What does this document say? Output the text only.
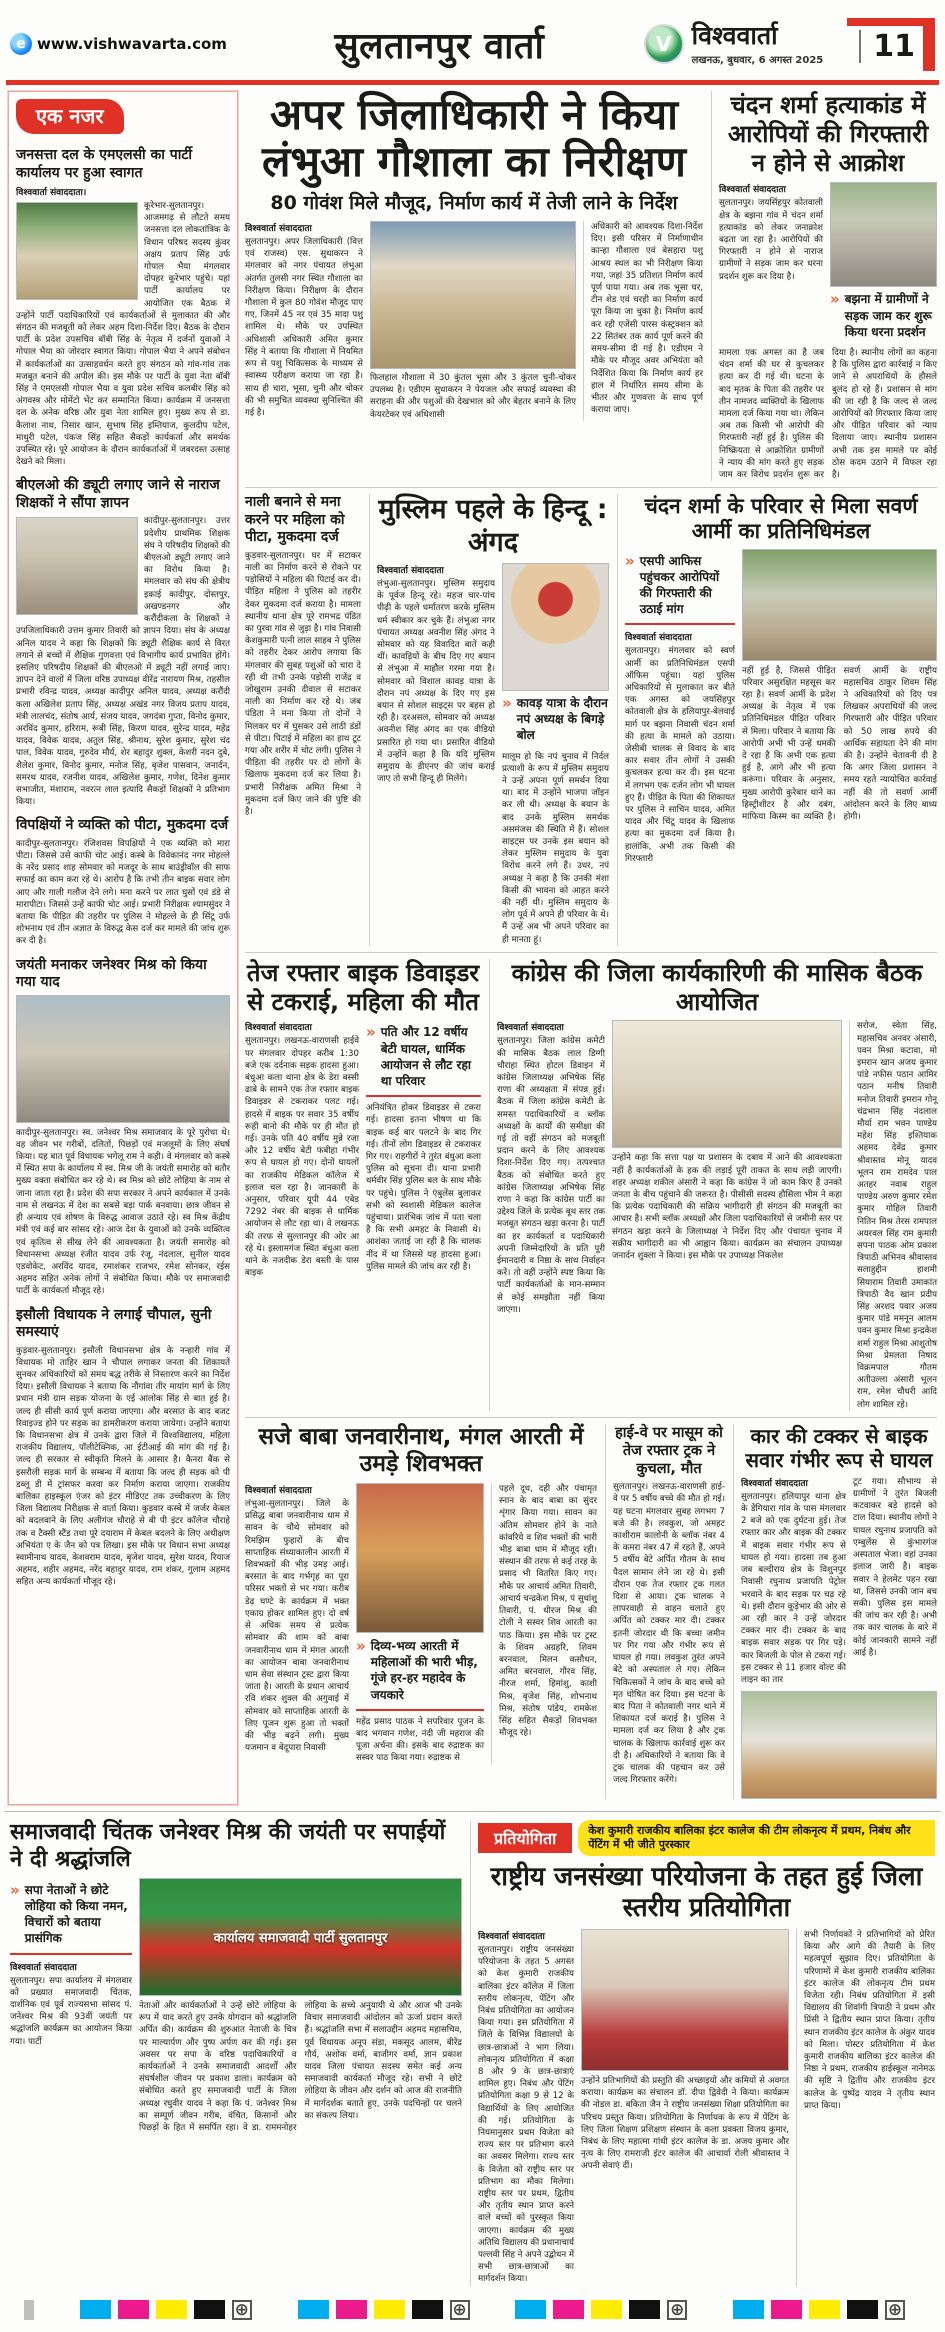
e www.vishwavarta.com	सुलतानपुर वार्ता	V विश्ववार्ता
लखनऊ, बुधवार, 6 अगस्त 2025	11
एक नजर
जनसत्ता दल के एमएलसी का पार्टी कार्यालय पर हुआ स्वागत
विश्ववार्ता संवाददाता।
कूरेभार-सुलतानपुर। आजमगढ़ से लौटते समय जनसत्ता दल लोकतांत्रिक के विधान परिषद सदस्य कुंवर अक्षय प्रताप सिंह उर्फ गोपाल भैया मंगलवार दोपहर कूरेभार पहुंचे। यहां पार्टी कार्यालय पर आयोजित एक बैठक में उन्होंने पार्टी पदाधिकारियों एवं कार्यकर्ताओं से मुलाकात की और संगठन की मजबूती को लेकर अहम दिशा-निर्देश दिए। बैठक के दौरान पार्टी के प्रदेश उपसचिव बॉबी सिंह के नेतृत्व में दर्जनों युवाओं ने गोपाल भैया का जोरदार स्वागत किया। गोपाल भैया ने अपने संबोधन में कार्यकर्ताओं का उत्साहवर्धन करते हुए संगठन को गांव-गांव तक मजबूत बनाने की अपील की। इस मौके पर पार्टी के युवा नेता बॉबी सिंह ने एमएलसी गोपाल भैया व युवा प्रदेश सचिव कलबीर सिंह को अंगवस्त्र और मोमेंटो भेंट कर सम्मानित किया। कार्यक्रम में जनसत्ता दल के अनेक वरिष्ठ और युवा नेता शामिल हुए। मुख्य रूप से डा. कैलाश नाथ, निसार खान, सुभाष सिंह इम्तियाज, कुलदीप पटेल, माधुरी पटेल, पंकज सिंह सहित सैकड़ों कार्यकर्ता और समर्थक उपस्थित रहे। पूरे आयोजन के दौरान कार्यकर्ताओं में जबरदस्त उत्साह देखने को मिला।
बीएलओ की ड्यूटी लगाए जाने से नाराज शिक्षकों ने सौंपा ज्ञापन
कादीपुर-सुलतानपुर। उत्तर प्रदेशीय प्राथमिक शिक्षक संघ ने परिषदीय शिक्षकों की बीएलओ ड्यूटी लगाए जाने का विरोध किया है। मंगलवार को संघ की क्षेत्रीय इकाई कादीपुर, दोस्तपुर, अखण्डनगर और करौंदीकला के शिक्षकों ने उपजिलाधिकारी उत्तम कुमार तिवारी को ज्ञापन दिया। संघ के अध्यक्ष अनिल यादव ने कहा कि शिक्षकों कि ड्यूटी शैक्षिक कार्य से विरत लगाने से बच्चों में शैक्षिक गुणवत्ता एवं विभागीय कार्य प्रभावित होंगे। इसलिए परिषदीय शिक्षकों की बीएलओ में ड्यूटी नहीं लगाई जाए। ज्ञापन देने वालों में जिला वरिष्ठ उपाध्यक्ष वीरेंद्र नारायण मिश्र, तहसील प्रभारी रविन्द्र यादव, अध्यक्ष कादीपुर अनिल यादव, अध्यक्ष करौंदी कला अखिलेश प्रताप सिंह, अध्यक्ष अखंड नगर विजय प्रताप यादव, मंत्री लालचंद, संतोष आर्य, संजय यादव, जगदंबा गुप्ता, विनोद कुमार, अरविंद कुमार, हरिराम, रूबी सिंह, किरण यादव, सुरेन्द्र यादव, महेंद्र यादव, विवेक यादव, अतुल सिंह, श्रीनाथ, सुरेश कुमार, सुरेश चंद पाल, विवेक यादव, गुरुदेव मौर्य, शेर बहादुर शुक्ल, केशरी नदन दुबे, शैलेश कुमार, विनोद कुमार, मनोज सिंह, बृजेश पासवान, जनार्दन, समरथ यादव, रजनीश यादव, अखिलेश कुमार, गणेश, दिनेश कुमार सभाजीत, मंशाराम, नवरत्न लाल इत्यादि सैकड़ों शिक्षकों ने प्रतिभाग किया।
विपक्षियों ने व्यक्ति को पीटा, मुकदमा दर्ज
कादीपुर-सुलतानपुर। रंजिशवस विपक्षियों ने एक व्यक्ति को मारा पीटा। जिससे उसे काफी चोट आई। कस्बे के विवेकानंद नगर मोहल्ले के नरेंद प्रसाद शाह सोमवार को मजदूर के साथ बाउंड्रीवॉल की साफ सफाई का काम करा रहे थे। आरोप है कि तभी तीन बाइक सवार लोग आए और गाली गलौज देने लगे। मना करने पर लात घुसों एवं डंडे से मारापीटा। जिससे उन्हें काफी चोट आई। प्रभारी निरीक्षक श्यामसुंदर ने बताया कि पीड़ित की तहरीर पर पुलिस ने मोहल्ले के ही सिंटू उर्फ शोभनाथ एवं तीन अज्ञात के विरुद्ध केस दर्ज कर मामले की जांच शुरू कर दी है।
जयंती मनाकर जनेश्वर मिश्र को किया गया याद
कादीपुर-सुलतानपुर। स्व. जनेश्वर मिश्र समाजवाद के पूरे पुरोधा थे। वह जीवन भर गरीबों, दलितों, पिछड़ों एवं मजलूमों के लिए संघर्ष किया। यह बात पूर्व विधायक भगेलू राम ने कही। वे मंगलवार को कस्बे में स्थित सपा के कार्यालय में स्व. मिश्र जी के जयंती समारोह को बतौर मुख्य वक्ता संबोधित कर रहे थे। स्व मिश्र को छोटे लोहिया के नाम से जाना जाता रहा है। प्रदेश की सपा सरकार ने अपने कार्यकाल में उनके नाम से लखनऊ में देश का सबसे बड़ा पार्क बनवाया। छात्र जीवन से ही अन्याय एवं शोषण के विरुद्ध आवाज उठाते रहे। स्व मिश्र केंद्रीय मंत्री एवं कई बार सांसद रहे। आज देश के युवाओं को उनके व्यक्तित्व एवं कृतित्व से सीख लेने की आवश्यकता है। जयंती समारोह को विधानसभा अध्यक्ष रंजीत यादव उर्फ रंजू, नंदलाल, सुनील यादव एडवोकेट, अरविंद यादव, रमाशंकर राजभर, रमेश सोनकर, रईस अहमद सहित अनेक लोगों ने संबोधित किया। मौके पर समाजवादी पार्टी के कार्यकर्ता मौजूद रहे।
इसौली विधायक ने लगाई चौपाल, सुनी समस्याएं
कुड़वार-सुलतानपुर। इसौली विधानसभा क्षेत्र के नन्हारी गांव में विधायक मो ताहिर खान ने चौपाल लगाकर जनता की शिकायतें सुनकर अधिकारियों को समय बद्ध तरीके से निस्तारण करने का निर्देश दिया। इसौली विधायक ने बताया कि नौगांवा तीर मायांग मार्ग के लिए प्रधान मंत्री ग्राम सड़क योजना के एई आलोक सिंह से बात हुई है। जल्द ही सीसी कार्य पूर्ण कराया जाएगा। और बरसात के बाद बजट रिवाइज्ड होने पर सड़क का डामरीकरण कराया जायेगा। उन्होंने बताया कि विधानसभा क्षेत्र में उनके द्वारा जिले में विश्वविद्यालय, महिला राजकीय विद्यालय, पॉलीटेक्निक, आ ईटीआई की मांग की गई है। जल्द ही सरकार से स्वीकृति मिलने के आसार है। कैनरा बैंक से इसरौली सड़क मार्ग के सम्बन्ध में बताया कि जल्द ही सड़क को पी डब्लू डी में ट्रांसफर करवा कर निर्माण कराया जाएगा। राजकीय बालिका हाइस्कूल एंजर को इंटर मीडिएट तक उच्चीकरण के लिए जिला विद्यालय निरीक्षक से वार्ता किया। कुड़वार कस्बे में जर्जर केबल को बदलवाने के लिए अलीगंज चौराहे से बी पी इंटर कॉलेज चौराहे तक व टैक्सी स्टैंड तथा पूरे दयाराम में केबल बदलने के लिए अधीक्षण अभियंता ए के जैन को पत्र लिखा। इस मौके पर विधान सभा अध्यक्ष स्वामीनाथ यादव, केशवराम यादव, बृजेश यादव, सुरेश यादव, रियाज अहमद, शहीर अहमद, नरेंद बहादुर यादव, राम शंकर, गुलाम अहमद सहित अन्य कार्यकर्ता मौजूद रहे।
अपर जिलाधिकारी ने किया लंभुआ गौशाला का निरीक्षण
80 गोवंश मिले मौजूद, निर्माण कार्य में तेजी लाने के निर्देश
विश्ववार्ता संवाददाता
सुलतानपुर। अपर जिलाधिकारी (वित्त एवं राजस्व) एस. सुधाकरन ने मंगलवार को नगर पंचायत लंभुआ अंतर्गत तुलसी नगर स्थित गौशाला का निरीक्षण किया। निरीक्षण के दौरान गौशाला में कुल 80 गोवंश मौजूद पाए गए, जिनमें 45 नर एवं 35 मादा पशु शामिल थे। मौके पर उपस्थित अधिशासी अधिकारी अमित कुमार सिंह ने बताया कि गौशाला में नियमित रूप से पशु चिकित्सक के माध्यम से स्वास्थ्य परीक्षण कराया जा रहा है। साथ ही चारा, भूसा, चुनी और चोकर की भी समुचित व्यवस्था सुनिश्चित की गई है।
फिलहाल गौशाला में 30 कुंतल भूसा और 3 कुंतल चुनी-चोकर उपलब्ध है। एडीएम सुधाकरन ने पेयजल और सफाई व्यवस्था की सराहना की और पशुओं की देखभाल को और बेहतर बनाने के लिए केयरटेकर एवं अधिशासी
अधिकारी को आवश्यक दिशा-निर्देश दिए। इसी परिसर में निर्माणाधीन कान्हा गौशाला एवं बेसहारा पशु आश्रय स्थल का भी निरीक्षण किया गया, जहां 35 प्रतिशत निर्माण कार्य पूर्ण पाया गया। अब तक भूसा घर, टीन शेड एवं चरही का निर्माण कार्य पूरा किया जा चुका है। निर्माण कार्य कर रही एजेंसी पारस कंस्ट्रक्शन को 22 सितंबर तक कार्य पूर्ण करने की समय-सीमा दी गई है। एडीएम ने मौके पर मौजूद अवर अभियंता को निर्देशित किया कि निर्माण कार्य हर हाल में निर्धारित समय सीमा के भीतर और गुणवत्ता के साथ पूर्ण कराया जाए।
चंदन शर्मा हत्याकांड में आरोपियों की गिरफ्तारी न होने से आक्रोश
विश्ववार्ता संवाददाता
सुलतानपुर। जयसिंहपुर कोतवाली क्षेत्र के बझना गांव में चंदन शर्मा हत्याकांड को लेकर जनाक्रोश बढ़ता जा रहा है। आरोपियों की गिरफ्तारी न होने से नाराज ग्रामीणों ने सड़क जाम कर धरना प्रदर्शन शुरू कर दिया है।
» बझना में ग्रामीणों ने सड़क जाम कर शुरू किया धरना प्रदर्शन
मामला एक अगस्त का है जब चंदन शर्मा की घर से कुचलकर हत्या कर दी गई थी। घटना के बाद मृतक के पिता की तहरीर पर तीन नामजद व्यक्तियों के खिलाफ मामला दर्ज किया गया था। लेकिन अब तक किसी भी आरोपी की गिरफ्तारी नहीं हुई है। पुलिस की निष्क्रियता से आक्रोशित ग्रामीणों ने न्याय की मांग करते हुए सड़क जाम कर विरोध प्रदर्शन शुरू कर दिया है। स्थानीय लोगों का कहना है कि पुलिस द्वारा कार्रवाई न किए जाने से अपराधियों के हौसले बुलंद हो रहे हैं। प्रशासन से मांग की जा रही है कि जल्द से जल्द आरोपियों को गिरफ्तार किया जाए और पीड़ित परिवार को न्याय दिलाया जाए। स्थानीय प्रशासन अभी तक इस मामले पर कोई ठोस कदम उठाने में विफल रहा है।
नाली बनाने से मना करने पर महिला को पीटा, मुकदमा दर्ज
कुड़वार-सुलतानपुर। घर में सटाकर नाली का निर्माण करने से रोकने पर पड़ोसियों ने महिला की पिटाई कर दी। पीड़ित महिला ने पुलिस को तहरीर देकर मुकदमा दर्ज कराया है। मामला स्थानीय थाना क्षेत्र पूरे रामभद्र पंडित का पुरवा गांव से जुड़ा है। गांव निवासी केशकुमारी पत्नी लाल साहब ने पुलिस को तहरीर देकर आरोप लगाया कि मंगलवार की सुबह पशुओं को चारा दे रही थी तभी उनके पड़ोसी राजेंद्र व जोखुराम उनकी दीवाल से सटाकर नाली का निर्माण कर रहे थे। जब पंडिता ने मना किया तो दोनों ने मिलकर घर में घुसकर उसे लाठी डंडों से पीटा। पिटाई में महिला का हाथ टूट गया और शरीर में चोट लगी। पुलिस ने पीड़िता की तहरीर पर दो लोगों के खिलाफ मुकदमा दर्ज कर लिया है। प्रभारी निरीक्षक अमित मिश्रा ने मुकदमा दर्ज किए जाने की पुष्टि की है।
मुस्लिम पहले के हिन्दू : अंगद
विश्ववार्ता संवाददाता
लंभुआ-सुलतानपुर। मुस्लिम समुदाय के पूर्वज हिन्दू रहे। महज चार-पांच पीढ़ी के पहले धर्मांतरण करके मुस्लिम धर्म स्वीकार कर चुके हैं। लंभुआ नगर पंचायत अध्यक्ष अवनीश सिंह अंगद ने सोमवार को यह विवादित बातें कही थीं। कावड़ियों के बीच दिए गए बयान से लंभुआ में माहौल गरमा गया है। सोमवार को विशाल कावड़ यात्रा के दौरान नपं अध्यक्ष के दिए गए इस बयान से सोशल साइट्स पर बहस हो रही है। दरअसल, सोमवार को अध्यक्ष अवनीश सिंह अंगद का एक वीडियो प्रसारित हो गया था। प्रसारित वीडियो में उन्होंने कहा है कि यदि मुस्लिम समुदाय के डीएनए की जांच कराई जाए तो सभी हिन्दू ही मिलेंगे।
» कावड़ यात्रा के दौरान नपं अध्यक्ष के बिगड़े बोल
मालूम हो कि नपं चुनाव में निर्दल प्रत्याशी के रूप में मुस्लिम समुदाय ने उन्हें अपना पूर्ण समर्थन दिया था। बाद में उन्होंने भाजपा जॉइन कर ली थी। अध्यक्ष के बयान के बाद उनके मुस्लिम समर्थक असमंजस की स्थिति में हैं। सोशल साइट्स पर उनके इस बयान को लेकर मुस्लिम समुदाय के युवा विरोध करने लगे हैं। उधर, नपं अध्यक्ष ने कहा है कि उनकी मंशा किसी की भावना को आहत करने की नहीं थी। मुस्लिम समुदाय के लोग पूर्व में अपने ही परिवार के थे। मैं उन्हें अब भी अपने परिवार का ही मानता हूं।
चंदन शर्मा के परिवार से मिला सवर्ण आर्मी का प्रतिनिधिमंडल
» एसपी आफिस पहुंचकर आरोपियों की गिरफ्तारी की उठाई मांग
विश्ववार्ता संवाददाता
सुलतानपुर। मंगलवार को स्वर्ण आर्मी का प्रतिनिधिमंडल एसपी ऑफिस पहुंचा। यहां पुलिस अधिकारियों से मुलाकात कर बीते एक अगस्त को जयसिंहपुर कोतवाली क्षेत्र के हलियापुर-बेलवाई मार्ग पर बझना निवासी चंदन शर्मा की हत्या के मामले को उठाया। जेसीबी चालक से विवाद के बाद कार सवार तीन लोगों ने उसकी कुचलकर हत्या कर दी। इस घटना में लगभग एक दर्जन लोग भी घायल हुए हैं। पीड़ित के पिता की शिकायत पर पुलिस ने साचिन यादव, अमित यादव और चिंटू यादव के खिलाफ हत्या का मुकदमा दर्ज किया है। हालांकि, अभी तक किसी की गिरफ्तारी
नहीं हुई है, जिससे पीड़ित परिवार असुरक्षित महसूस कर रहा है। सवर्ण आर्मी के प्रदेश अध्यक्ष के नेतृत्व में एक प्रतिनिधिमंडल पीड़ित परिवार से मिला। परिवार ने बताया कि आरोपी अभी भी उन्हें धमकी दे रहा है कि अभी एक हत्या हुई है, आगे और भी हत्या करूंगा। परिवार के अनुसार, मुख्य आरोपी कुरेबार थाने का हिस्ट्रीशीटर है और दबंग, माफिया किस्म का व्यक्ति है। सवर्ण आर्मी के राष्ट्रीय महासचिव ठाकुर शिवम सिंह ने अधिकारियों को दिए पत्र लिखकर अपराधियों की जल्द गिरफ्तारी और पीड़ित परिवार को 50 लाख रुपये की आर्थिक सहायता देने की मांग की है। उन्होंने चेतावनी दी है कि अगर जिला प्रशासन ने समय रहते न्यायोचित कार्रवाई नहीं की तो सवर्ण आर्मी आंदोलन करने के लिए बाध्य होगी।
तेज रफ्तार बाइक डिवाइडर से टकराई, महिला की मौत
विश्ववार्ता संवाददाता
सुलतानपुर। लखनऊ-वाराणसी हाईवे पर मंगलवार दोपहर करीब 1:30 बजे एक दर्दनाक सड़क हादसा हुआ। बंधुआ कला थाना क्षेत्र के डेरा बस्सी ढाबे के सामने एक तेज रफ्तार बाइक डिवाइडर से टकराकर पलट गई। हादसे में बाइक पर सवार 35 वर्षीय रूही बानो की मौके पर ही मौत हो गई। उनके पति 40 वर्षीय मुन्ने रजा और 12 वर्षीय बेटी फबीहा गंभीर रूप से घायल हो गए। दोनों घायलों का राजकीय मेडिकल कॉलेज में इलाज चल रहा है। जानकारी के अनुसार, परिवार यूपी 44 एबेड 7292 नंबर की बाइक से धार्मिक आयोजन से लौट रहा था। वे लखनऊ की तरफ से सुल्तानपुर की ओर आ रहे थे। इस्लामगंज स्थित बंधुआ कला थाने के नजदीक डेरा बस्ती के पास बाइक
» पति और 12 वर्षीय बेटी घायल, धार्मिक आयोजन से लौट रहा था परिवार
अनियंत्रित होकर डिवाइडर से टकरा गई। हादसा इतना भीषण था कि बाइक कई बार पलटने के बाद गिर गई। तीनों लोग डिवाइडर से टकराकर गिर गए। राहगीरों ने तुरंत बंधुआ कला पुलिस को सूचना दी। थाना प्रभारी धर्मवीर सिंह पुलिस बल के साथ मौके पर पहुंचे। पुलिस ने एंबुलेंस बुलाकर सभी को स्वशासी मेडिकल कालेज पहुंचाया। प्रारंभिक जांच में पता चला है कि सभी अमहट के निवासी थे। आशंका जताई जा रही है कि चालक नींद में था जिससे यह हादसा हुआ। पुलिस मामले की जांच कर रही है।
कांग्रेस की जिला कार्यकारिणी की मासिक बैठक आयोजित
विश्ववार्ता संवाददाता
सुलतानपुर। जिला कांग्रेस कमेटी की मासिक बैठक लाल डिग्गी चौराहा स्थित होटल डिवाइन में कांग्रेस जिलाध्यक्ष अभिषेक सिंह राणा की अध्यक्षता में संपन्न हुई। बैठक में जिला कांग्रेस कमेटी के समस्त पदाधिकारियों व ब्लॉक अध्यक्षों के कार्यों की समीक्षा की गई तो वहीं संगठन को मजबूती प्रदान करने के लिए आवश्यक दिशा-निर्देश दिए गए। तत्पश्चात बैठक को संबोधित करते हुए कांग्रेस जिलाध्यक्ष अभिषेक सिंह राणा ने कहा कि कांग्रेस पार्टी का उद्देश्य जिले के प्रत्येक बूथ स्तर तक मजबूत संगठन खड़ा करना है। पार्टी का हर कार्यकर्ता व पदाधिकारी अपनी जिम्मेदारियों के प्रति पूरी ईमानदारी व निष्ठा के साथ निर्वाहन करें। तो वहीं उन्होंने स्पष्ट किया कि पार्टी कार्यकर्ताओं के मान-सम्मान से कोई समझौता नहीं किया जाएगा।
उन्होंने कहा कि सत्ता पक्ष या प्रशासन के दबाव में आने की आवश्यकता नहीं है कार्यकर्ताओं के हक की लड़ाई पूरी ताकत के साथ लड़ी जाएगी। शहर अध्यक्ष शकील अंसारी ने कहा कि कांग्रेस ने जो काम किए हैं उनको जनता के बीच पहुंचाने की जरूरत है। पीसीसी सदस्य हौसिला भीम ने कहा कि प्रत्येक पदाधिकारी की सक्रिय भागीदारी ही संगठन की मजबूती का आधार है। सभी ब्लॉक अध्यक्षों और जिला पदाधिकारियों से जमीनी स्तर पर संगठन खड़ा करने के जिलाध्यक्ष ने निर्देश दिए और पंचायत चुनाव में सक्रीय भागीदारी का भी आह्वान किया। कार्यक्रम का संचालन उपाध्यक्ष जनार्दन शुक्ला ने किया। इस मौके पर उपाध्यक्ष निकलेश
सरोज, स्वेता सिंह, महासचिव अनवर अंसारी, पवन मिश्रा कटावा, मो इमरान खान अजय कुमार पांडे नफीस पठान आमिर पठान मनीष तिवारी मनोज तिवारी इमरान गोनू चंद्रभान सिंह नंदलाल मौर्या राम भवन पाण्डेय महेश सिंह इश्तियाक अहमद देवेंद्र कुमार श्रीवास्तव मोनू यादव भूलन राम रामदेव पाल अतहर नवाब राहुल पाण्डेय अरुण कुमार रमेश कुमार गोहिल तिवारी नितिन मिश्र तेरस रामपाल अयरवल सिंह राम कुमारी सपना पाठक ओम प्रकाश त्रिपाठी अभिनव श्रीवास्तव सलाहुद्दीन हाशमी सियाराम तिवारी उमाकांत त्रिपाठी वैद खान प्रदीप सिंह अरशद पवार अजय कुमार पांडे ममनून आलम पवन कुमार मिश्रा इन्द्रकेश शर्मा राहुल मिश्रा आशुतोष मिश्रा प्रेमलता निषाद विक्रमपाल गौतम अतीउल्ला अंसारी भूलन राम, रमेश चौधरी आदि लोग शामिल रहे।
सजे बाबा जनवारीनाथ, मंगल आरती में उमड़े शिवभक्त
विश्ववार्ता संवाददाता
लंभुआ-सुलतानपुर। जिले के प्रसिद्ध बाबा जनवारीनाथ धाम में सावन के चौथे सोमवार को रिमझिम फुहारों के बीच साप्ताहिक संध्याकालीन आरती में शिवभक्तों की भीड़ उमड़ आई। बरसात के बाद गर्भगृह का पूरा परिसर भक्तों से भर गया। करीब डेढ़ घण्टे के कार्यक्रम में भक्त एकाग्र होकर शामिल हुए। दो वर्ष से अधिक समय से प्रत्येक सोमवार की शाम को बाबा जनवारीनाथ धाम में मंगल आरती का आयोजन बाबा जनवारीनाथ धाम सेवा संस्थान ट्रस्ट द्वारा किया जाता है। आरती के प्रधान आचार्य रवि शंकर शुक्ल की अगुवाई में सोमवार को साप्ताहिक आरती के लिए पूजन शुरू हुआ तो भक्तों की भीड़ बढ़ने लगी। मुख्य यजमान व बेदूपारा निवासी
» दिव्य-भव्य आरती में महिलाओं की भारी भीड़, गूंजे हर-हर महादेव के जयकारे
महेंद्र प्रसाद पाठक ने सपरिवार पूजन के बाद भगवान गणेश, नंदी जी महराज की पूजा अर्चना की। इसके बाद रुद्राष्टक का सस्वर पाठ किया गया। रुद्राष्टक से
पहले दूध, दही और पंचामृत स्नान के बाद बाबा का सुंदर शृंगार किया गया। सावन का अंतिम सोमवार होने के नाते कांवरिये व शिव भक्तों की भारी भीड़ बाबा धाम में मौजूद रही। संस्थान की तरफ से कई तरह के प्रसाद भी वितरित किए गए। मौके पर आचार्य अमित तिवारी, आचार्य चन्द्रकेश मिश्र, पं सुधांशु तिवारी, पं. धीरज मिश्र की टोली ने सस्वर शिव आरती का पाठ किया। इस मौके पर ट्रस्ट के शिवम अग्रहरि, शिवम बरनवाल, मिलन कसौधन, अमित बरनवाल, गौरव सिंह, नीरज शर्मा, हिमांशु, काशी मिश्र, बृजेश सिंह, शोभनाथ मिश्र, संतोष पांडेय, रामकेश सिंह सहित सैकड़ों शिवभक्त मौजूद रहे।
हाई-वे पर मासूम को तेज रफ्तार ट्रक ने कुचला, मौत
सुलतानपुर। लखनऊ-वाराणसी हाई-वे पर 5 वर्षीय बच्चे की मौत हो गई। यह घटना मंगलवार सुबह लगभग 7 बजे की है। लवकुश, जो अमहट काशीराम कालोनी के ब्लॉक नंबर 4 के कमरा नंबर 47 में रहते हैं, अपने 5 वर्षीय बेटे अर्पित गौतम के साथ पैदल सामान लेने जा रहे थे। इसी दौरान एक तेज रफ्तार ट्रक गलत दिशा से आया। ट्रक चालक ने लापरवाही से वाहन चलाते हुए अर्पित को टक्कर मार दी। टक्कर इतनी जोरदार थी कि बच्चा जमीन पर गिर गया और गंभीर रूप से घायल हो गया। लवकुश तुरंत अपने बेटे को अस्पताल ले गए। लेकिन चिकित्सकों ने जांच के बाद बच्चे को मृत घोषित कर दिया। इस घटना के बाद पिता ने कोतवाली नगर थाने में शिकायत दर्ज कराई है। पुलिस ने मामला दर्ज कर लिया है और ट्रक चालक के खिलाफ कार्रवाई शुरू कर दी है। अधिकारियों ने बताया कि वे ट्रक चालक की पहचान कर उसे जल्द गिरफ्तार करेंगे।
कार की टक्कर से बाइक सवार गंभीर रूप से घायल
विश्ववार्ता संवाददाता
सुलतानपुर। हलियापुर थाना क्षेत्र के डेंगियारा गांव के पास मंगलवार 2 बजे को एक दुर्घटना हुई। तेज रफ्तार कार और बाइक की टक्कर में बाइक सवार गंभीर रूप से घायल हो गया। हादसा तब हुआ जब बल्दीराय क्षेत्र के विशुनपुर निवासी रघुनाथ प्रजापति पेट्रोल भरवाने के बाद सड़क पर चढ़ रहे थे। इसी दौरान कूड़ेभार की ओर से आ रही कार ने उन्हें जोरदार टक्कर मार दी। टक्कर के बाद बाइक सवार सड़क पर गिर पड़े। कार बिजली के पोल से टकरा गई। इस टक्कर से 11 हजार वोल्ट की लाइन का तार
टूट गया। सौभाग्य से ग्रामीणों ने तुरंत बिजली कटवाकर बड़े हादसे को टाल दिया। स्थानीय लोगों ने घायल रघुनाथ प्रजापति को एम्बुलेंस से कुंभारगंज अस्पताल भेजा। वहां उनका इलाज जारी है। बाइक सवार ने हेलमेट पहन रखा था, जिससे उनकी जान बच सकी। पुलिस इस मामले की जांच कर रही है। अभी तक कार चालक के बारे में कोई जानकारी सामने नहीं आई है।
समाजवादी चिंतक जनेश्वर मिश्र की जयंती पर सपाईयों ने दी श्रद्धांजलि
» सपा नेताओं ने छोटे लोहिया को किया नमन, विचारों को बताया प्रासंगिक
विश्ववार्ता संवाददाता
सुलतानपुर। सपा कार्यालय में मंगलवार को प्रख्यात समाजवादी चिंतक, दार्शनिक एवं पूर्व राज्यसभा सांसद पं. जनेश्वर मिश्र की 93वीं जयंती पर श्रद्धांजलि कार्यक्रम का आयोजन किया गया। पार्टी
कार्यालय समाजवादी पार्टी सुलतानपुर
नेताओं और कार्यकर्ताओं ने उन्हें छोटे लोहिया के रूप में याद करते हुए उनके योगदान को श्रद्धांजलि अर्पित की। कार्यक्रम की शुरुआत नेताजी के चित्र पर माल्यार्पण और पुष्प अर्पण कर की गई। इस अवसर पर सपा के वरिष्ठ पदाधिकारियों व कार्यकर्ताओं ने उनके समाजवादी आदर्शों और संघर्षशील जीवन पर प्रकाश डाला। कार्यक्रम को संबोधित करते हुए समाजवादी पार्टी के जिला अध्यक्ष रघुवीर यादव ने कहा कि पं. जनेश्वर मिश्र का सम्पूर्ण जीवन गरीब, वंचित, किसानों और पिछड़ों के हित में समर्पित रहा। वे डा. राममनोहर लोहिया के सच्चे अनुयायी थे और आज भी उनके विचार समाजवादी आंदोलन को ऊर्जा प्रदान करते हैं। श्रद्धांजलि सभा में सलाउद्दीन अहमद महासचिव, पूर्व विधायक अनूप संडा, मकसूद आलम, बीरेंद्र गौर्य, अशोक वर्मा, बाजीगर वर्मा, ज्ञान प्रकाश यादव जिला पंचायत सदस्य समेत कई अन्य समाजवादी कार्यकर्ता मौजूद रहे। सभी ने छोटे लोहिया के जीवन और दर्शन को आज की राजनीति में मार्गदर्शक बताते हुए, उनके पदचिन्हों पर चलने का संकल्प लिया।
प्रतियोगिता	केश कुमारी राजकीय बालिका इंटर कालेज की टीम लोकनृत्य में प्रथम, निबंध और पेंटिंग में भी जीते पुरस्कार
राष्ट्रीय जनसंख्या परियोजना के तहत हुई जिला स्तरीय प्रतियोगिता
विश्ववार्ता संवाददाता
सुलतानपुर। राष्ट्रीय जनसंख्या परियोजना के तहत 5 अगस्त को केश कुमारी राजकीय बालिका इंटर कॉलेज में जिला स्तरीय लोकनृत्य, पेंटिंग और निबंध प्रतियोगिता का आयोजन किया गया। इस प्रतियोगिता में जिले के विभिन्न विद्यालयों के छात्र-छात्राओं ने भाग लिया। लोकनृत्य प्रतियोगिता में कक्षा 8 और 9 के छात्र-छात्राएं शामिल हुए। निबंध और पेंटिंग प्रतियोगिता कक्षा 9 से 12 के विद्यार्थियों के लिए आयोजित की गई। प्रतियोगिता के नियमानुसार प्रथम विजेता को राज्य स्तर पर प्रतिभाग करने का अवसर मिलेगा। राज्य स्तर के विजेता को राष्ट्रीय स्तर पर प्रतिभाग का मौका मिलेगा। राष्ट्रीय स्तर पर प्रथम, द्वितीय और तृतीय स्थान प्राप्त करने वाले बच्चों को पुरस्कृत किया जाएगा। कार्यक्रम की मुख्य अतिथि विद्यालय की प्रधानाचार्य पल्लवी सिंह ने अपने उद्बोधन में सभी छात्र-छात्राओं का मार्गदर्शन किया।
उन्होंने प्रतिभागियों की प्रस्तुति की अच्छाइयों और कमियों से अवगत कराया। कार्यक्रम का संचालन डॉ. दीपा द्विवेदी ने किया। कार्यक्रम की नोडल डा. बकिता जैन ने राष्ट्रीय जनसंख्या शिक्षा प्रतियोगिता का परिचय प्रस्तुत किया। प्रतियोगिता के निर्णायक के रूप में पेंटिंग के लिए जिला शिक्षण प्रशिक्षण संस्थान के कला प्रवक्ता विजय कुमार, निबंध के लिए महात्मा गांधी इंटर कालेज के डा. अजय कुमार और नृत्य के लिए रामराजी इंटर कालेज की आचार्या रोली श्रीवास्तव ने अपनी सेवाएं दीं।
सभी निर्णायकों ने प्रतिभागियों को प्रेरित किया और आगे की तैयारी के लिए महत्वपूर्ण सुझाव दिए। प्रतियोगिता के परिणामों में केश कुमारी राजकीय बालिका इंटर कालेज की लोकनृत्य टीम प्रथम विजेता रही। निबंध प्रतियोगिता में इसी विद्यालय की शिवांगी त्रिपाठी ने प्रथम और प्रिंसी ने द्वितीय स्थान प्राप्त किया। तृतीय स्थान राजकीय इंटर कालेज के अंकुर यादव को मिला। पोस्टर प्रतियोगिता में केश कुमारी राजकीय बालिका इंटर कालेज की निष्ठा ने प्रथम, राजकीय हाईस्कूल नानेमऊ की सृष्टि ने द्वितीय और राजकीय इंटर कालेज के पुष्पेंद्र यादव ने तृतीय स्थान प्राप्त किया।
⊕	⊕	⊕	⊕
